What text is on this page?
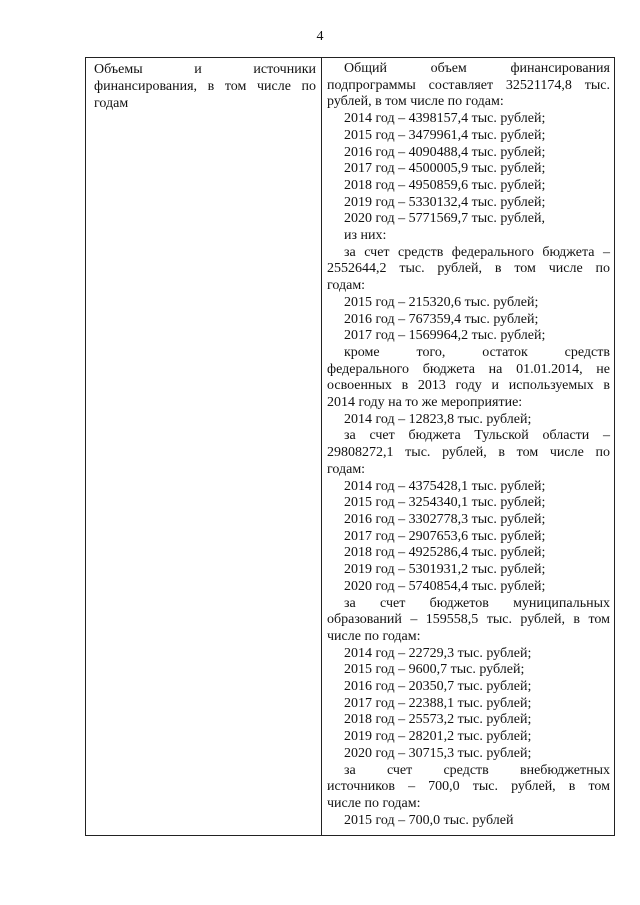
4
Объемы и источники
финансирования, в том числе по
годам
Общий объем финансирования
подпрограммы составляет 32521174,8 тыс.
рублей, в том числе по годам:
2014 год – 4398157,4 тыс. рублей;
2015 год – 3479961,4 тыс. рублей;
2016 год – 4090488,4 тыс. рублей;
2017 год – 4500005,9 тыс. рублей;
2018 год – 4950859,6 тыс. рублей;
2019 год – 5330132,4 тыс. рублей;
2020 год – 5771569,7 тыс. рублей,
из них:
за счет средств федерального бюджета –
2552644,2 тыс. рублей, в том числе по
годам:
2015 год – 215320,6 тыс. рублей;
2016 год – 767359,4 тыс. рублей;
2017 год – 1569964,2 тыс. рублей;
кроме того, остаток средств
федерального бюджета на 01.01.2014, не
освоенных в 2013 году и используемых в
2014 году на то же мероприятие:
2014 год – 12823,8 тыс. рублей;
за счет бюджета Тульской области –
29808272,1 тыс. рублей, в том числе по
годам:
2014 год – 4375428,1 тыс. рублей;
2015 год – 3254340,1 тыс. рублей;
2016 год – 3302778,3 тыс. рублей;
2017 год – 2907653,6 тыс. рублей;
2018 год – 4925286,4 тыс. рублей;
2019 год – 5301931,2 тыс. рублей;
2020 год – 5740854,4 тыс. рублей;
за счет бюджетов муниципальных
образований – 159558,5 тыс. рублей, в том
числе по годам:
2014 год – 22729,3 тыс. рублей;
2015 год – 9600,7 тыс. рублей;
2016 год – 20350,7 тыс. рублей;
2017 год – 22388,1 тыс. рублей;
2018 год – 25573,2 тыс. рублей;
2019 год – 28201,2 тыс. рублей;
2020 год – 30715,3 тыс. рублей;
за счет средств внебюджетных
источников – 700,0 тыс. рублей, в том
числе по годам:
2015 год – 700,0 тыс. рублей
